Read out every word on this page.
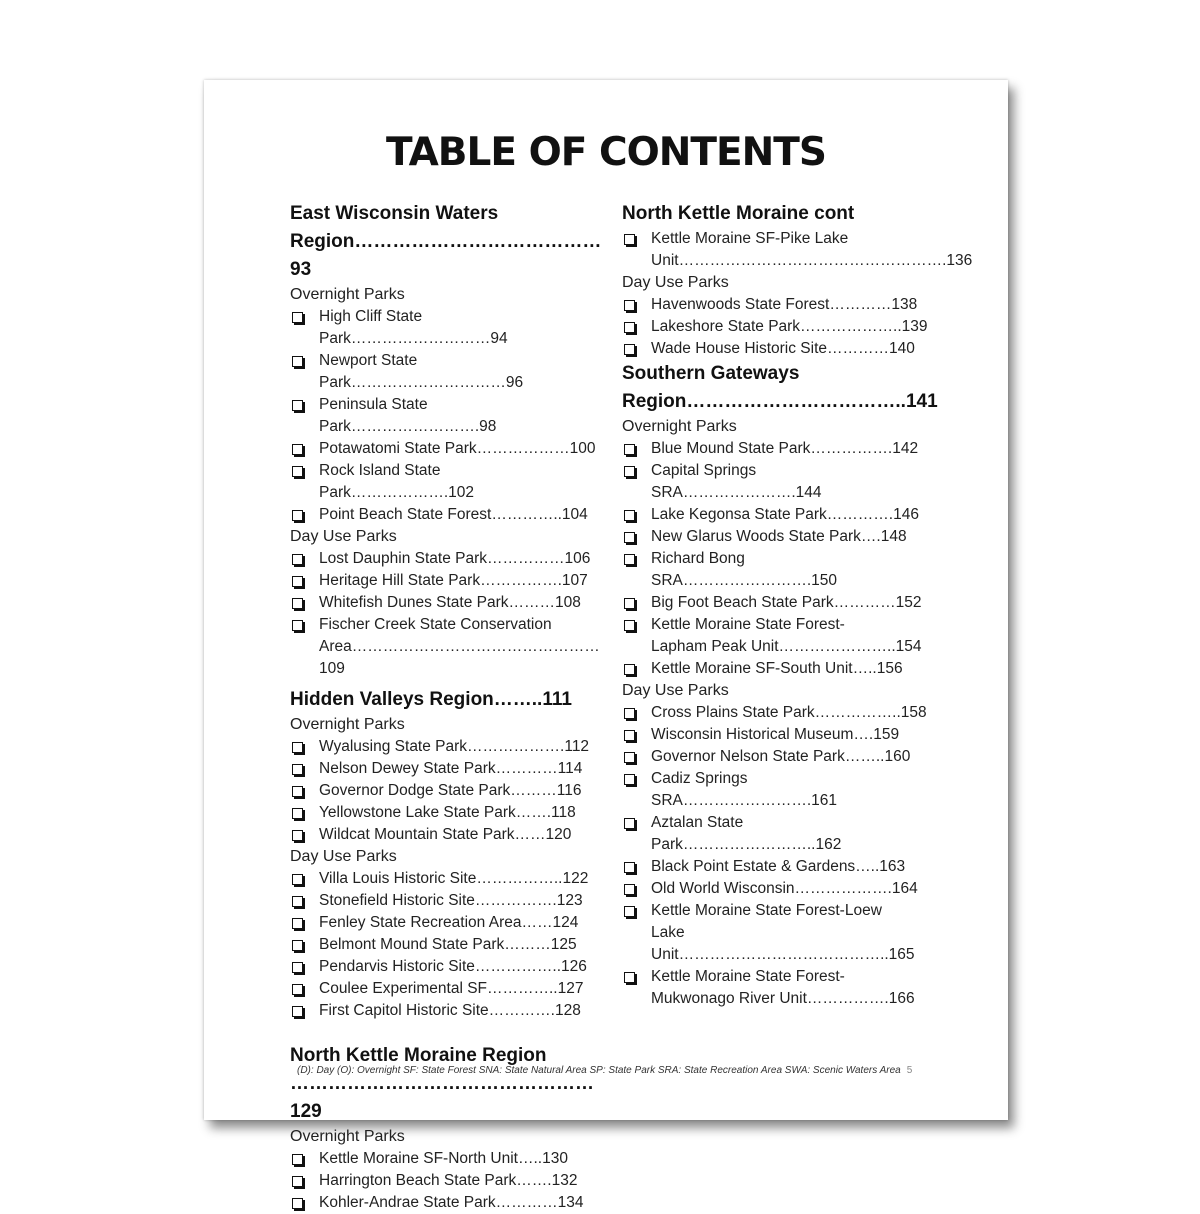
TABLE OF CONTENTS
East Wisconsin Waters
Region…………………………………93
Overnight Parks
High Cliff State Park………………………94
Newport State Park…………………………96
Peninsula State Park…………………….98
Potawatomi State Park………………100
Rock Island State Park……………….102
Point Beach State Forest…………..104
Day Use Parks
Lost Dauphin State Park……………106
Heritage Hill State Park…………….107
Whitefish Dunes State Park………108
Fischer Creek State Conservation
Area…………………………………………109
Hidden Valleys Region……..111
Overnight Parks
Wyalusing State Park……………….112
Nelson Dewey State Park…………114
Governor Dodge State Park………116
Yellowstone Lake State Park…….118
Wildcat Mountain State Park……120
Day Use Parks
Villa Louis Historic Site……………..122
Stonefield Historic Site…………….123
Fenley State Recreation Area……124
Belmont Mound State Park………125
Pendarvis Historic Site……………..126
Coulee Experimental SF…………..127
First Capitol Historic Site………….128
North Kettle Moraine Region
…………………………………………129
Overnight Parks
Kettle Moraine SF-North Unit…..130
Harrington Beach State Park…….132
Kohler-Andrae State Park…………134
North Kettle Moraine cont
Kettle Moraine SF-Pike Lake
Unit…………………………………………….136
Day Use Parks
Havenwoods State Forest…………138
Lakeshore State Park………………..139
Wade House Historic Site…………140
Southern Gateways
Region……………………………..141
Overnight Parks
Blue Mound State Park…………….142
Capital Springs SRA………………….144
Lake Kegonsa State Park………….146
New Glarus Woods State Park….148
Richard Bong SRA…………………….150
Big Foot Beach State Park…………152
Kettle Moraine State Forest-
Lapham Peak Unit…………………..154
Kettle Moraine SF-South Unit…..156
Day Use Parks
Cross Plains State Park……………..158
Wisconsin Historical Museum….159
Governor Nelson State Park……..160
Cadiz Springs SRA…………………….161
Aztalan State Park……………………..162
Black Point Estate & Gardens…..163
Old World Wisconsin……………….164
Kettle Moraine State Forest-Loew
Lake Unit…………………………………..165
Kettle Moraine State Forest-
Mukwonago River Unit…………….166
(D): Day (O): Overnight SF: State Forest SNA: State Natural Area SP: State Park SRA: State Recreation Area SWA: Scenic Waters Area 5
